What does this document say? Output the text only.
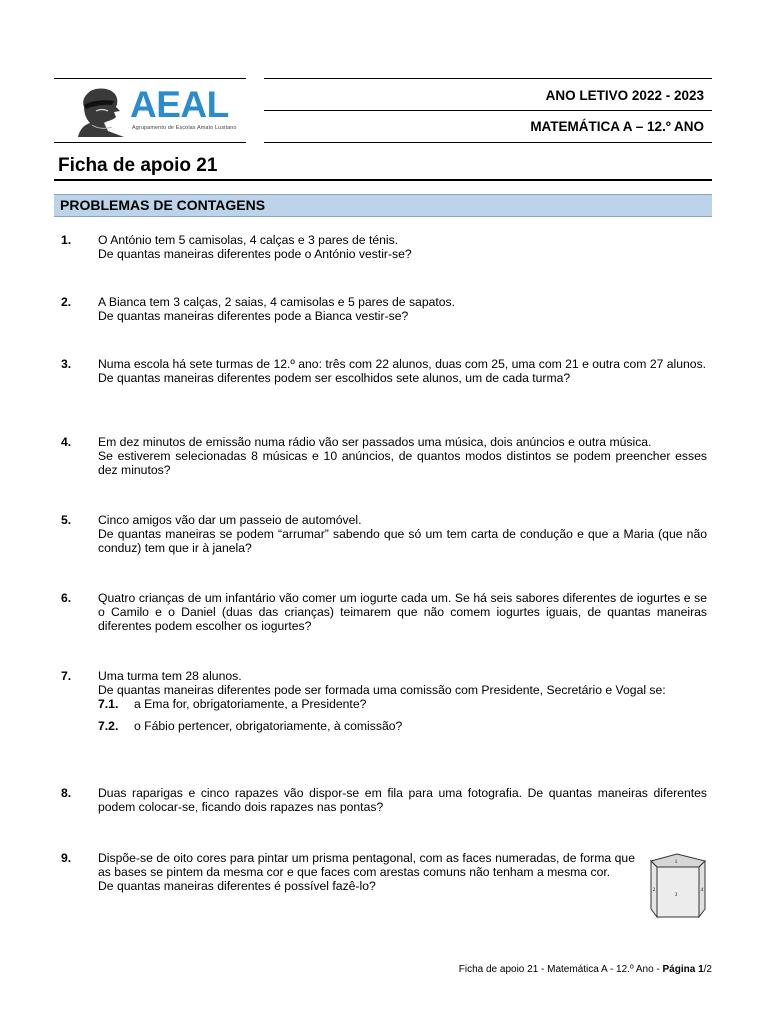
AEAL
Agrupamento de Escolas Amato Lusitano
ANO LETIVO 2022 - 2023
MATEMÁTICA A – 12.º ANO
Ficha de apoio 21
PROBLEMAS DE CONTAGENS
1. O António tem 5 camisolas, 4 calças e 3 pares de ténis.
De quantas maneiras diferentes pode o António vestir-se?
2. A Bianca tem 3 calças, 2 saias, 4 camisolas e 5 pares de sapatos.
De quantas maneiras diferentes pode a Bianca vestir-se?
3. Numa escola há sete turmas de 12.º ano: três com 22 alunos, duas com 25, uma com 21 e outra com 27 alunos.
De quantas maneiras diferentes podem ser escolhidos sete alunos, um de cada turma?
4. Em dez minutos de emissão numa rádio vão ser passados uma música, dois anúncios e outra música.
Se estiverem selecionadas 8 músicas e 10 anúncios, de quantos modos distintos se podem preencher esses dez minutos?
5. Cinco amigos vão dar um passeio de automóvel.
De quantas maneiras se podem “arrumar” sabendo que só um tem carta de condução e que a Maria (que não conduz) tem que ir à janela?
6. Quatro crianças de um infantário vão comer um iogurte cada um. Se há seis sabores diferentes de iogurtes e se o Camilo e o Daniel (duas das crianças) teimarem que não comem iogurtes iguais, de quantas maneiras diferentes podem escolher os iogurtes?
7. Uma turma tem 28 alunos.
De quantas maneiras diferentes pode ser formada uma comissão com Presidente, Secretário e Vogal se:
7.1. a Ema for, obrigatoriamente, a Presidente?
7.2. o Fábio pertencer, obrigatoriamente, à comissão?
8. Duas raparigas e cinco rapazes vão dispor-se em fila para uma fotografia. De quantas maneiras diferentes podem colocar-se, ficando dois rapazes nas pontas?
9. Dispõe-se de oito cores para pintar um prisma pentagonal, com as faces numeradas, de forma que as bases se pintem da mesma cor e que faces com arestas comuns não tenham a mesma cor.
De quantas maneiras diferentes é possível fazê-lo?
1
2
3
4
Ficha de apoio 21 - Matemática A - 12.º Ano - Página 1/2
